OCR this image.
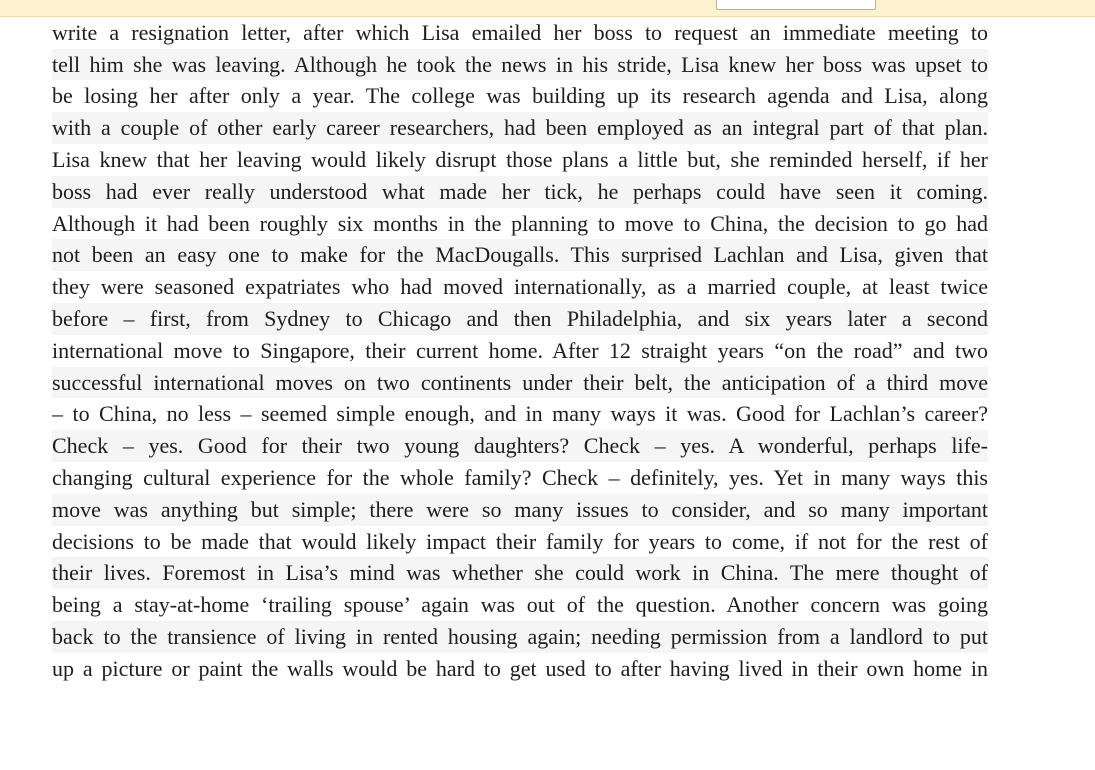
write a resignation letter, after which Lisa emailed her boss to request an immediate meeting to
tell him she was leaving. Although he took the news in his stride, Lisa knew her boss was upset to
be losing her after only a year. The college was building up its research agenda and Lisa, along
with a couple of other early career researchers, had been employed as an integral part of that plan.
Lisa knew that her leaving would likely disrupt those plans a little but, she reminded herself, if her
boss had ever really understood what made her tick, he perhaps could have seen it coming.
Although it had been roughly six months in the planning to move to China, the decision to go had
not been an easy one to make for the MacDougalls. This surprised Lachlan and Lisa, given that
they were seasoned expatriates who had moved internationally, as a married couple, at least twice
before – first, from Sydney to Chicago and then Philadelphia, and six years later a second
international move to Singapore, their current home. After 12 straight years “on the road” and two
successful international moves on two continents under their belt, the anticipation of a third move
– to China, no less – seemed simple enough, and in many ways it was. Good for Lachlan’s career?
Check – yes. Good for their two young daughters? Check – yes. A wonderful, perhaps life-
changing cultural experience for the whole family? Check – definitely, yes. Yet in many ways this
move was anything but simple; there were so many issues to consider, and so many important
decisions to be made that would likely impact their family for years to come, if not for the rest of
their lives. Foremost in Lisa’s mind was whether she could work in China. The mere thought of
being a stay-at-home ‘trailing spouse’ again was out of the question. Another concern was going
back to the transience of living in rented housing again; needing permission from a landlord to put
up a picture or paint the walls would be hard to get used to after having lived in their own home in
